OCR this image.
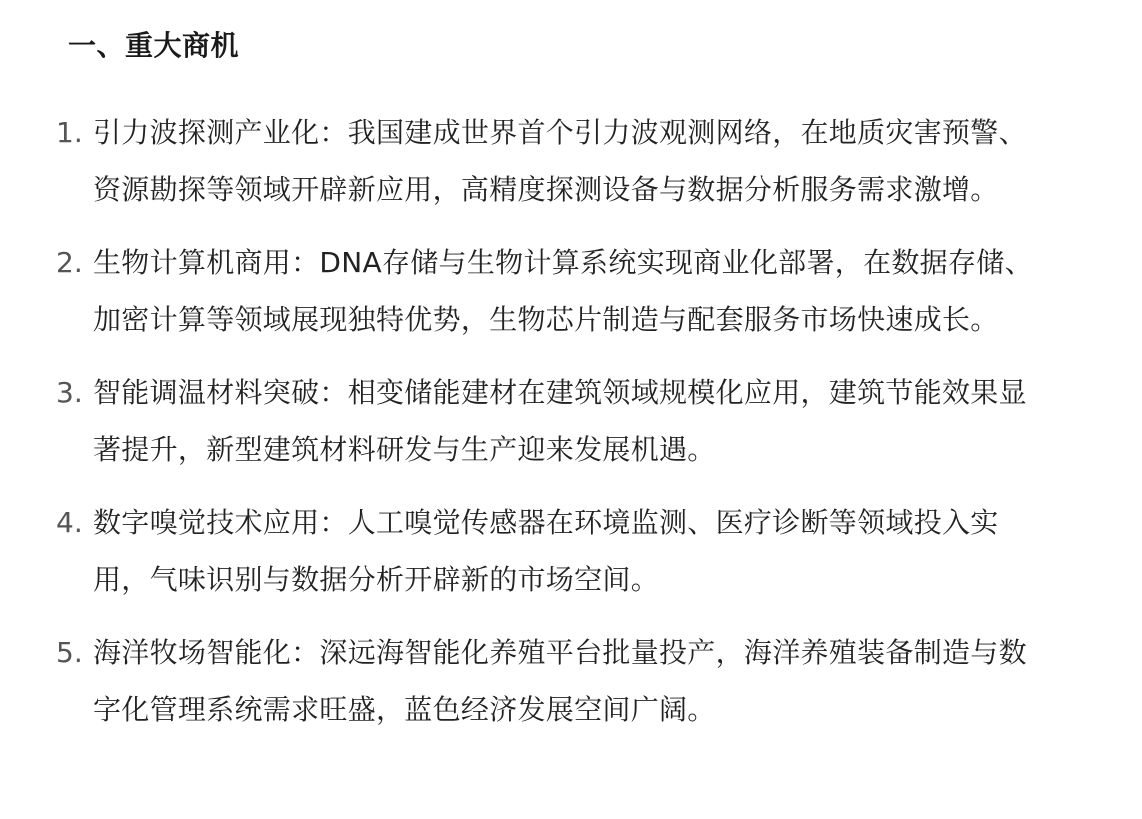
一、重大商机
1. 引力波探测产业化：我国建成世界首个引力波观测网络，在地质灾害预警、资源勘探等领域开辟新应用，高精度探测设备与数据分析服务需求激增。
2. 生物计算机商用：DNA存储与生物计算系统实现商业化部署，在数据存储、加密计算等领域展现独特优势，生物芯片制造与配套服务市场快速成长。
3. 智能调温材料突破：相变储能建材在建筑领域规模化应用，建筑节能效果显著提升，新型建筑材料研发与生产迎来发展机遇。
4. 数字嗅觉技术应用：人工嗅觉传感器在环境监测、医疗诊断等领域投入实用，气味识别与数据分析开辟新的市场空间。
5. 海洋牧场智能化：深远海智能化养殖平台批量投产，海洋养殖装备制造与数字化管理系统需求旺盛，蓝色经济发展空间广阔。
